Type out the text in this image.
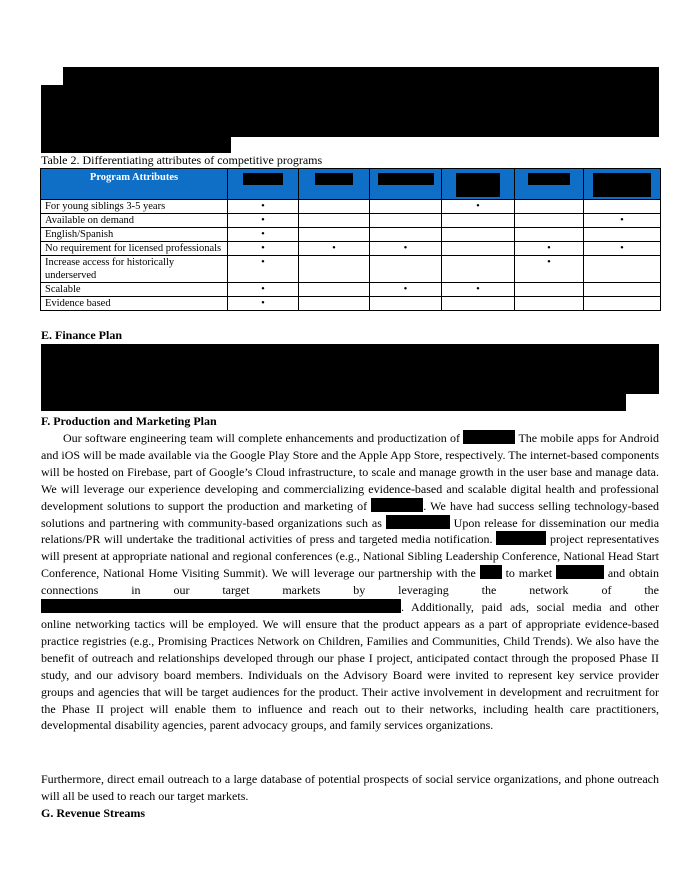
Table 2. Differentiating attributes of competitive programs
Program Attributes	

For young siblings 3-5 years	•			•		
Available on demand	•					•
English/Spanish	•					
No requirement for licensed professionals	•	•	•		•	•
Increase access for historically underserved	•				•	
Scalable	•		•	•		
Evidence based	•					
E. Finance Plan
F. Production and Marketing Plan
Our software engineering team will complete enhancements and productization of	The mobile apps for Android and iOS will be made available via the Google Play Store and the Apple App Store, respectively. The internet-based components will be hosted on Firebase, part of Google’s Cloud infrastructure, to scale and manage growth in the user base and manage data. We will leverage our experience developing and commercializing evidence-based and scalable digital health and professional development solutions to support the production and marketing of	. We have had success selling technology-based solutions and partnering with community-based organizations such as	Upon release for dissemination our media relations/PR will undertake the traditional activities of press and targeted media notification.	project representatives will present at appropriate national and regional conferences (e.g., National Sibling Leadership Conference, National Head Start Conference, National Home Visiting Summit). We will leverage our partnership with the to market	and obtain connections in our target markets by leveraging the network of the . Additionally, paid ads, social media and other online networking tactics will be employed. We will ensure that the product appears as a part of appropriate evidence-based practice registries (e.g., Promising Practices Network on Children, Families and Communities, Child Trends). We also have the benefit of outreach and relationships developed through our phase I project, anticipated contact through the proposed Phase II study, and our advisory board members. Individuals on the Advisory Board were invited to represent key service provider groups and agencies that will be target audiences for the product. Their active involvement in development and recruitment for the Phase II project will enable them to influence and reach out to their networks, including health care practitioners, developmental disability agencies, parent advocacy groups, and family services organizations.
Furthermore, direct email outreach to a large database of potential prospects of social service organizations, and phone outreach will all be used to reach our target markets.
G. Revenue Streams
